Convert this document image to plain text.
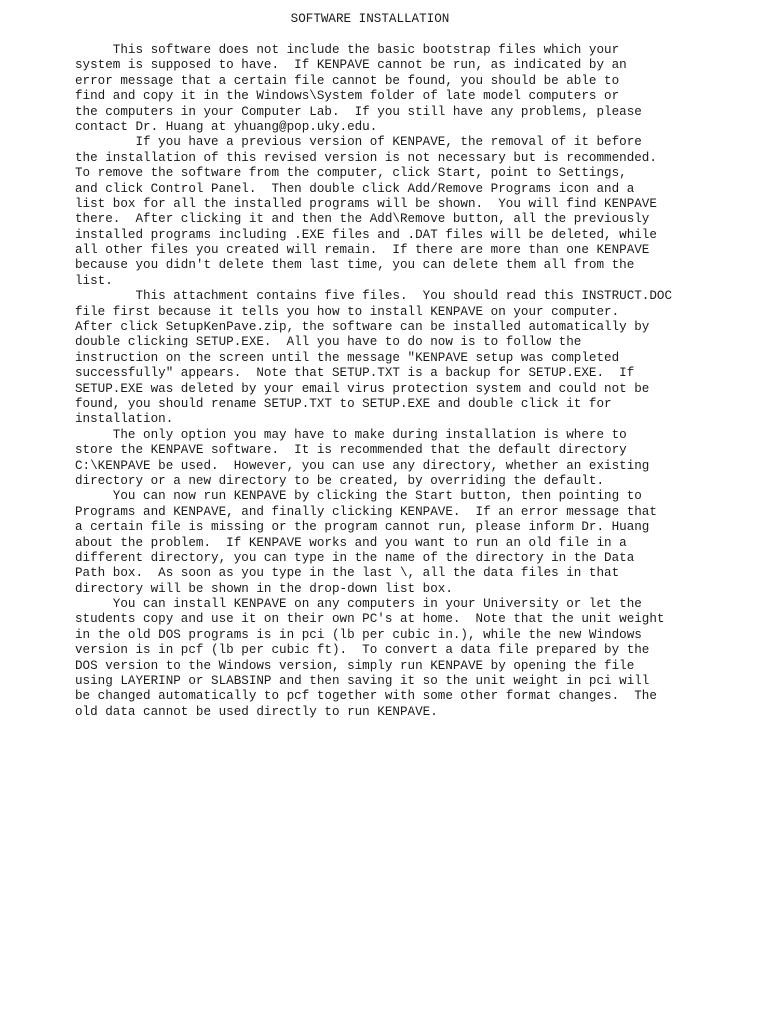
SOFTWARE INSTALLATION
This software does not include the basic bootstrap files which your
system is supposed to have.  If KENPAVE cannot be run, as indicated by an
error message that a certain file cannot be found, you should be able to
find and copy it in the Windows\System folder of late model computers or
the computers in your Computer Lab.  If you still have any problems, please
contact Dr. Huang at yhuang@pop.uky.edu.
If you have a previous version of KENPAVE, the removal of it before
the installation of this revised version is not necessary but is recommended.
To remove the software from the computer, click Start, point to Settings,
and click Control Panel.  Then double click Add/Remove Programs icon and a
list box for all the installed programs will be shown.  You will find KENPAVE
there.  After clicking it and then the Add\Remove button, all the previously
installed programs including .EXE files and .DAT files will be deleted, while
all other files you created will remain.  If there are more than one KENPAVE
because you didn't delete them last time, you can delete them all from the
list.
This attachment contains five files.  You should read this INSTRUCT.DOC
file first because it tells you how to install KENPAVE on your computer.
After click SetupKenPave.zip, the software can be installed automatically by
double clicking SETUP.EXE.  All you have to do now is to follow the
instruction on the screen until the message "KENPAVE setup was completed
successfully" appears.  Note that SETUP.TXT is a backup for SETUP.EXE.  If
SETUP.EXE was deleted by your email virus protection system and could not be
found, you should rename SETUP.TXT to SETUP.EXE and double click it for
installation.
The only option you may have to make during installation is where to
store the KENPAVE software.  It is recommended that the default directory
C:\KENPAVE be used.  However, you can use any directory, whether an existing
directory or a new directory to be created, by overriding the default.
You can now run KENPAVE by clicking the Start button, then pointing to
Programs and KENPAVE, and finally clicking KENPAVE.  If an error message that
a certain file is missing or the program cannot run, please inform Dr. Huang
about the problem.  If KENPAVE works and you want to run an old file in a
different directory, you can type in the name of the directory in the Data
Path box.  As soon as you type in the last \, all the data files in that
directory will be shown in the drop-down list box.
You can install KENPAVE on any computers in your University or let the
students copy and use it on their own PC's at home.  Note that the unit weight
in the old DOS programs is in pci (lb per cubic in.), while the new Windows
version is in pcf (lb per cubic ft).  To convert a data file prepared by the
DOS version to the Windows version, simply run KENPAVE by opening the file
using LAYERINP or SLABSINP and then saving it so the unit weight in pci will
be changed automatically to pcf together with some other format changes.  The
old data cannot be used directly to run KENPAVE.
